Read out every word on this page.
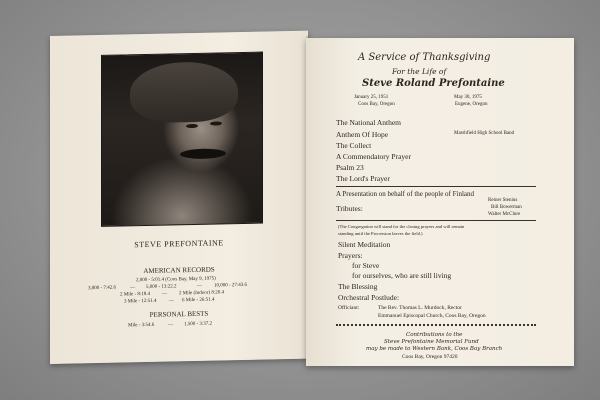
STEVE PREFONTAINE
AMERICAN RECORDS
2,000 - 5:01.4 (Coos Bay, May 9, 1975)
3,000 - 7:42.6	— 5,000 - 13:22.2	— 10,000 - 27:43.6
2 Mile - 8:18.4 — 2 Mile (Indoor) 8:20.4
3 Mile - 12:51.4	— 6 Mile - 26:51.4
PERSONAL BESTS
Mile - 3:54.6	— 1,500 - 3:37.2
A Service of Thanksgiving
For the Life of
Steve Roland Prefontaine
January 25, 1951
Coos Bay, Oregon
May 30, 1975
Eugene, Oregon
The National Anthem
Marshfield High School Band
Anthem Of Hope
The Collect
A Commendatory Prayer
Psalm 23
The Lord's Prayer
A Presentation on behalf of the people of Finland
Reiner Stenius
Tributes:	Bill Bowerman
Walter McClure
(The Congregation will stand for the closing prayers and will remain
standing until the Procession leaves the field.)
Silent Meditation
Prayers:
for Steve
for ourselves, who are still living
The Blessing
Orchestral Postlude:
Officiant:	The Rev. Thomas L. Murdock, Rector
Emmanuel Episcopal Church, Coos Bay, Oregon
Contributions to the
Steve Prefontaine Memorial Fund
may be made to Western Bank, Coos Bay Branch
Coos Bay, Oregon 97420
